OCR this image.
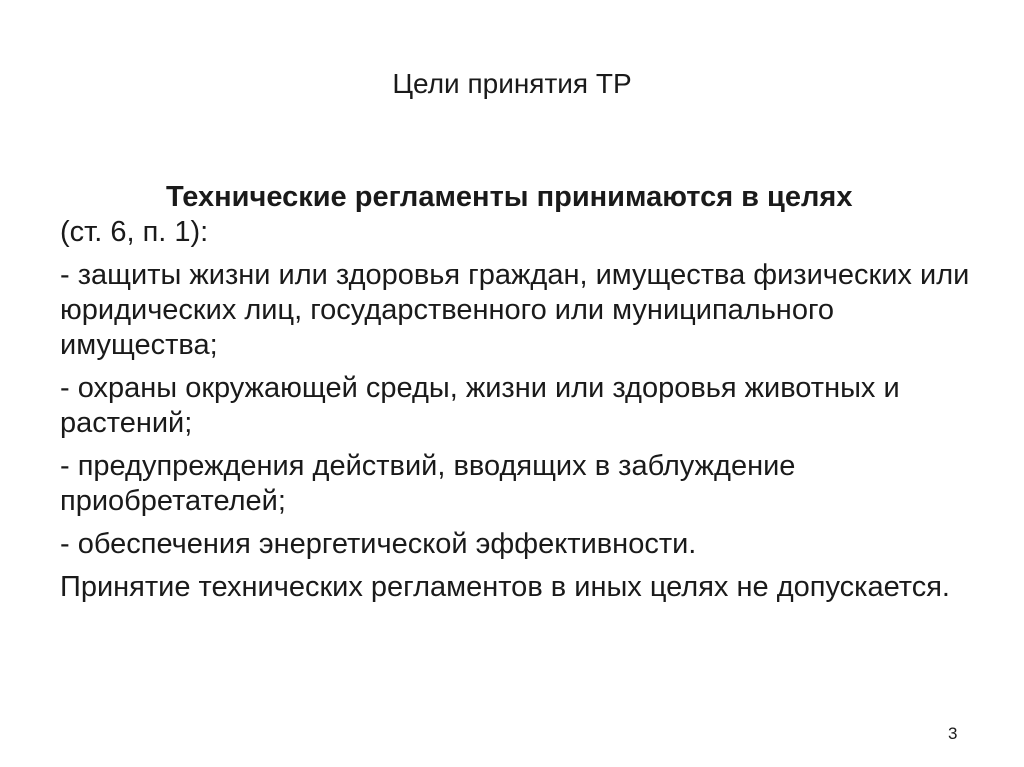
Цели принятия ТР

Технические регламенты принимаются в целях
(ст. 6, п. 1):

- защиты жизни или здоровья граждан, имущества физических или юридических лиц, государственного или муниципального имущества;

- охраны окружающей среды, жизни или здоровья животных и растений;

- предупреждения действий, вводящих в заблуждение приобретателей;

- обеспечения энергетической эффективности.

Принятие технических регламентов в иных целях не допускается.

3
